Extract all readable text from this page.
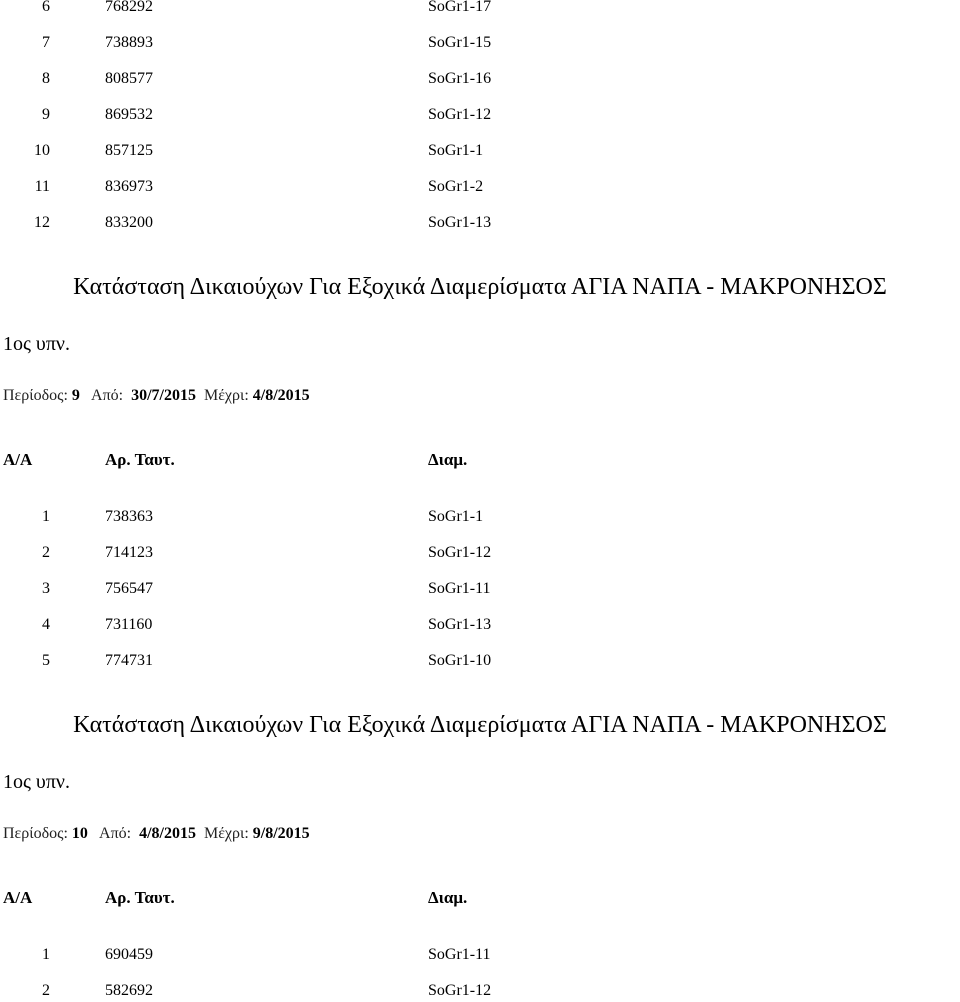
6	768292	SoGr1-17
7	738893	SoGr1-15
8	808577	SoGr1-16
9	869532	SoGr1-12
10	857125	SoGr1-1
11	836973	SoGr1-2
12	833200	SoGr1-13
Κατάσταση Δικαιούχων Για Εξοχικά Διαμερίσματα ΑΓΙΑ ΝΑΠΑ - ΜΑΚΡΟΝΗΣΟΣ
1ος υπν.
Περίοδος: 9 Από: 30/7/2015 Μέχρι: 4/8/2015
Α/Α	Αρ. Ταυτ.	Διαμ.
1	738363	SoGr1-1
2	714123	SoGr1-12
3	756547	SoGr1-11
4	731160	SoGr1-13
5	774731	SoGr1-10
Κατάσταση Δικαιούχων Για Εξοχικά Διαμερίσματα ΑΓΙΑ ΝΑΠΑ - ΜΑΚΡΟΝΗΣΟΣ
1ος υπν.
Περίοδος: 10 Από: 4/8/2015 Μέχρι: 9/8/2015
Α/Α	Αρ. Ταυτ.	Διαμ.
1	690459	SoGr1-11
2	582692	SoGr1-12
